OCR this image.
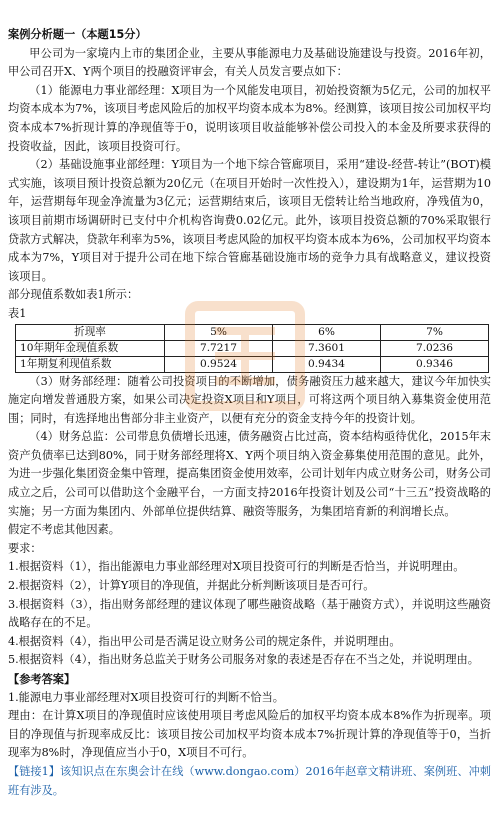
案例分析题一（本题15分）

甲公司为一家境内上市的集团企业，主要从事能源电力及基础设施建设与投资。2016年初，甲公司召开X、Y两个项目的投融资评审会，有关人员发言要点如下：

（1）能源电力事业部经理：X项目为一个风能发电项目，初始投资额为5亿元，公司的加权平均资本成本为7%，该项目考虑风险后的加权平均资本成本为8%。经测算，该项目按公司加权平均资本成本7%折现计算的净现值等于0，说明该项目收益能够补偿公司投入的本金及所要求获得的投资收益，因此，该项目投资可行。

（2）基础设施事业部经理：Y项目为一个地下综合管廊项目，采用“建设-经营-转让”(BOT)模式实施，该项目预计投资总额为20亿元（在项目开始时一次性投入），建设期为1年，运营期为10年，运营期每年现金净流量为3亿元；运营期结束后，该项目无偿转让给当地政府，净残值为0，该项目前期市场调研时已支付中介机构咨询费0.02亿元。此外，该项目投资总额的70%采取银行贷款方式解决，贷款年利率为5%，该项目考虑风险的加权平均资本成本为6%，公司加权平均资本成本为7%，Y项目对于提升公司在地下综合管廊基础设施市场的竞争力具有战略意义，建议投资该项目。

部分现值系数如表1所示：

表1

折现率	5%	6%	7%
10年期年金现值系数	7.7217	7.3601	7.0236
1年期复利现值系数	0.9524	0.9434	0.9346

（3）财务部经理：随着公司投资项目的不断增加，债务融资压力越来越大，建议今年加快实施定向增发普通股方案，如果公司决定投资X项目和Y项目，可将这两个项目纳入募集资金使用范围；同时，有选择地出售部分非主业资产，以便有充分的资金支持今年的投资计划。

（4）财务总监：公司带息负债增长迅速，债务融资占比过高，资本结构亟待优化，2015年末资产负债率已达到80%，同于财务部经理将X、Y两个项目纳入资金募集使用范围的意见。此外，为进一步强化集团资金集中管理，提高集团资金使用效率，公司计划年内成立财务公司，财务公司成立之后，公司可以借助这个金融平台，一方面支持2016年投资计划及公司“十三五”投资战略的实施；另一方面为集团内、外部单位提供结算、融资等服务，为集团培育新的利润增长点。

假定不考虑其他因素。

要求：

1.根据资料（1），指出能源电力事业部经理对X项目投资可行的判断是否恰当，并说明理由。

2.根据资料（2），计算Y项目的净现值，并据此分析判断该项目是否可行。

3.根据资料（3），指出财务部经理的建议体现了哪些融资战略（基于融资方式），并说明这些融资战略存在的不足。

4.根据资料（4），指出甲公司是否满足设立财务公司的规定条件，并说明理由。

5.根据资料（4），指出财务总监关于财务公司服务对象的表述是否存在不当之处，并说明理由。

【参考答案】

1.能源电力事业部经理对X项目投资可行的判断不恰当。

理由：在计算X项目的净现值时应该使用项目考虑风险后的加权平均资本成本8%作为折现率。项目的净现值与折现率成反比：该项目按公司加权平均资本成本7%折现计算的净现值等于0，当折现率为8%时，净现值应当小于0，X项目不可行。

【链接1】该知识点在东奥会计在线（www.dongao.com）2016年赵章文精讲班、案例班、冲刺班有涉及。
